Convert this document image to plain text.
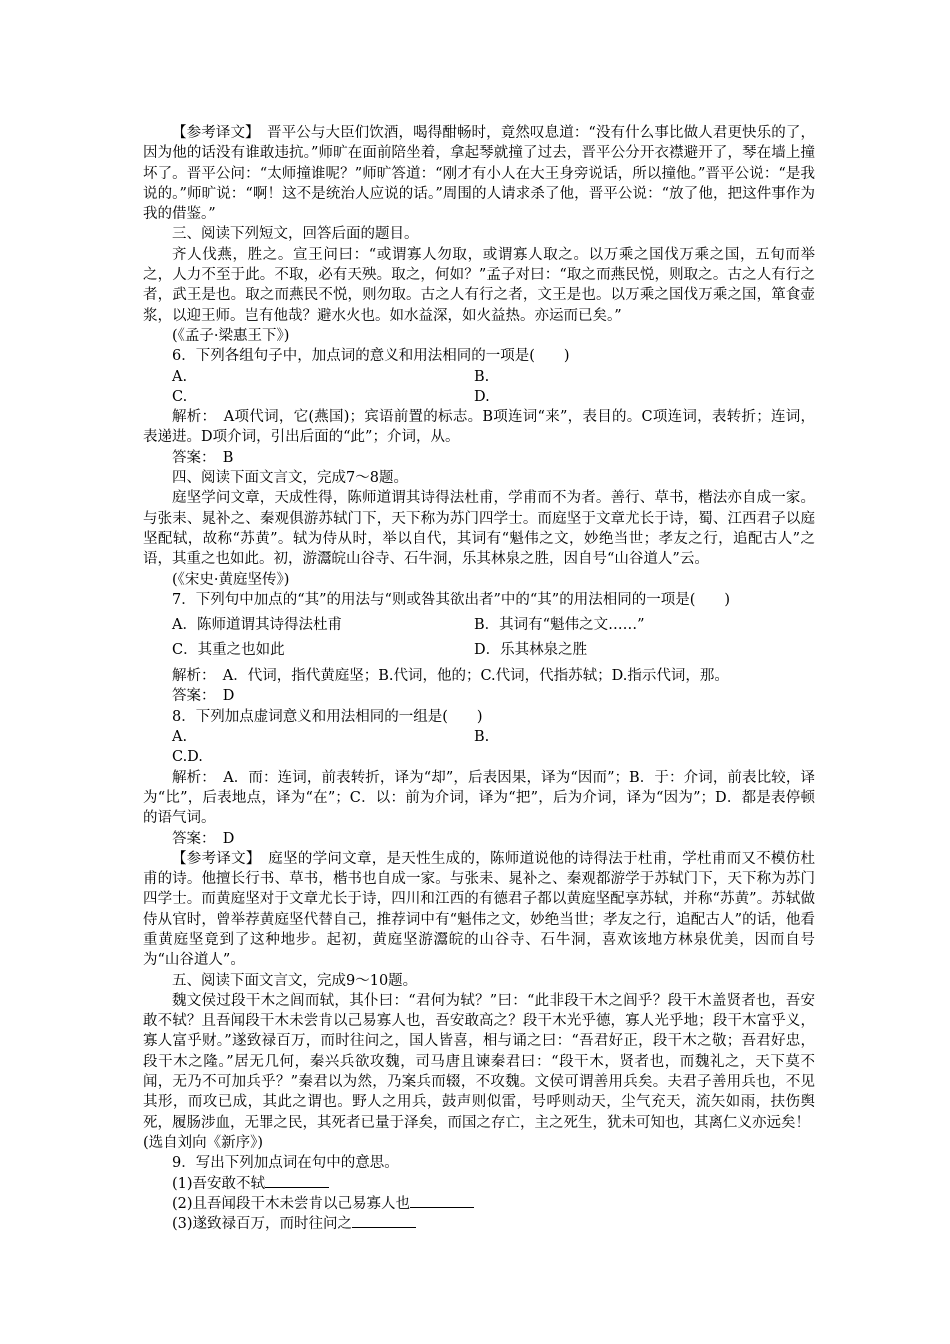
【参考译文】　晋平公与大臣们饮酒，喝得酣畅时，竟然叹息道：“没有什么事比做人君更快乐的了，因为他的话没有谁敢违抗。”师旷在面前陪坐着，拿起琴就撞了过去，晋平公分开衣襟避开了，琴在墙上撞坏了。晋平公问：“太师撞谁呢？”师旷答道：“刚才有小人在大王身旁说话，所以撞他。”晋平公说：“是我说的。”师旷说：“啊！这不是统治人应说的话。”周围的人请求杀了他，晋平公说：“放了他，把这件事作为我的借鉴。”

三、阅读下列短文，回答后面的题目。

齐人伐燕，胜之。宣王问曰：“或谓寡人勿取，或谓寡人取之。以万乘之国伐万乘之国，五旬而举之，人力不至于此。不取，必有天殃。取之，何如？”孟子对曰：“取之而燕民悦，则取之。古之人有行之者，武王是也。取之而燕民不悦，则勿取。古之人有行之者，文王是也。以万乘之国伐万乘之国，箪食壶浆，以迎王师。岂有他哉？避水火也。如水益深，如火益热。亦运而已矣。”

(《孟子·梁惠王下》)

6．下列各组句子中，加点词的意义和用法相同的一项是(　　)

A.	B.
C.	D.

解析：　A项代词，它(燕国)；宾语前置的标志。B项连词“来”，表目的。C项连词，表转折；连词，表递进。D项介词，引出后面的“此”；介词，从。

答案：　B

四、阅读下面文言文，完成7～8题。

庭坚学问文章，天成性得，陈师道谓其诗得法杜甫，学甫而不为者。善行、草书，楷法亦自成一家。与张耒、晁补之、秦观俱游苏轼门下，天下称为苏门四学士。而庭坚于文章尤长于诗，蜀、江西君子以庭坚配轼，故称“苏黄”。轼为侍从时，举以自代，其词有“魁伟之文，妙绝当世；孝友之行，追配古人”之语，其重之也如此。初，游灊皖山谷寺、石牛洞，乐其林泉之胜，因自号“山谷道人”云。

(《宋史·黄庭坚传》)

7．下列句中加点的“其”的用法与“则或咎其欲出者”中的“其”的用法相同的一项是(　　)

A．陈师道谓其诗得法杜甫	B．其词有“魁伟之文……”
C．其重之也如此	D．乐其林泉之胜

解析：　A．代词，指代黄庭坚；B.代词，他的；C.代词，代指苏轼；D.指示代词，那。

答案：　D

8．下列加点虚词意义和用法相同的一组是(　　)

A.	B.

C.D.

解析：　A．而：连词，前表转折，译为“却”，后表因果，译为“因而”；B．于：介词，前表比较，译为“比”，后表地点，译为“在”；C．以：前为介词，译为“把”，后为介词，译为“因为”；D．都是表停顿的语气词。

答案：　D

【参考译文】　庭坚的学问文章，是天性生成的，陈师道说他的诗得法于杜甫，学杜甫而又不模仿杜甫的诗。他擅长行书、草书，楷书也自成一家。与张耒、晁补之、秦观都游学于苏轼门下，天下称为苏门四学士。而黄庭坚对于文章尤长于诗，四川和江西的有德君子都以黄庭坚配享苏轼，并称“苏黄”。苏轼做侍从官时，曾举荐黄庭坚代替自己，推荐词中有“魁伟之文，妙绝当世；孝友之行，追配古人”的话，他看重黄庭坚竟到了这种地步。起初，黄庭坚游灊皖的山谷寺、石牛洞，喜欢该地方林泉优美，因而自号为“山谷道人”。

五、阅读下面文言文，完成9～10题。

魏文侯过段干木之闾而轼，其仆曰：“君何为轼？”曰：“此非段干木之闾乎？段干木盖贤者也，吾安敢不轼？且吾闻段干木未尝肯以己易寡人也，吾安敢高之？段干木光乎德，寡人光乎地；段干木富乎义，寡人富乎财。”遂致禄百万，而时往问之，国人皆喜，相与诵之曰：“吾君好正，段干木之敬；吾君好忠，段干木之隆。”居无几何，秦兴兵欲攻魏，司马唐且谏秦君曰：“段干木，贤者也，而魏礼之，天下莫不闻，无乃不可加兵乎？”秦君以为然，乃案兵而辍，不攻魏。文侯可谓善用兵矣。夫君子善用兵也，不见其形，而攻已成，其此之谓也。野人之用兵，鼓声则似雷，号呼则动天，尘气充天，流矢如雨，扶伤舆死，履肠涉血，无罪之民，其死者已量于泽矣，而国之存亡，主之死生，犹未可知也，其离仁义亦远矣！

(选自刘向《新序》)

9．写出下列加点词在句中的意思。

(1)吾安敢不轼

(2)且吾闻段干木未尝肯以己易寡人也

(3)遂致禄百万，而时往问之
